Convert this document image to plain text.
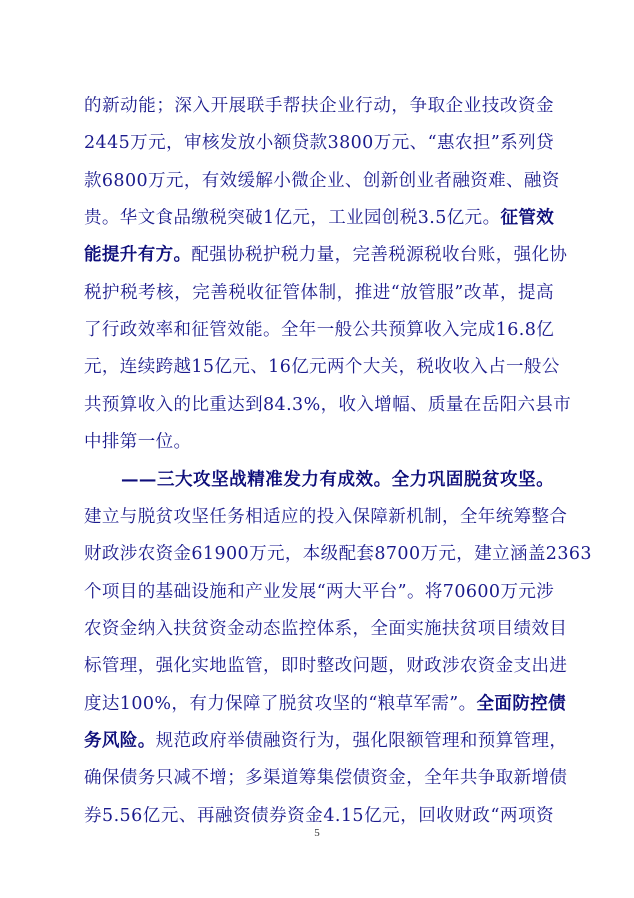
的新动能；深入开展联手帮扶企业行动，争取企业技改资金
2445万元，审核发放小额贷款3800万元、“惠农担”系列贷
款6800万元，有效缓解小微企业、创新创业者融资难、融资
贵。华文食品缴税突破1亿元，工业园创税3.5亿元。征管效
能提升有方。配强协税护税力量，完善税源税收台账，强化协
税护税考核，完善税收征管体制，推进“放管服”改革，提高
了行政效率和征管效能。全年一般公共预算收入完成16.8亿
元，连续跨越15亿元、16亿元两个大关，税收收入占一般公
共预算收入的比重达到84.3%，收入增幅、质量在岳阳六县市
中排第一位。
——三大攻坚战精准发力有成效。全力巩固脱贫攻坚。
建立与脱贫攻坚任务相适应的投入保障新机制，全年统筹整合
财政涉农资金61900万元，本级配套8700万元，建立涵盖2363
个项目的基础设施和产业发展“两大平台”。将70600万元涉
农资金纳入扶贫资金动态监控体系，全面实施扶贫项目绩效目
标管理，强化实地监管，即时整改问题，财政涉农资金支出进
度达100%，有力保障了脱贫攻坚的“粮草军需”。全面防控债
务风险。规范政府举债融资行为，强化限额管理和预算管理，
确保债务只减不增；多渠道筹集偿债资金，全年共争取新增债
券5.56亿元、再融资债券资金4.15亿元，回收财政“两项资
5
